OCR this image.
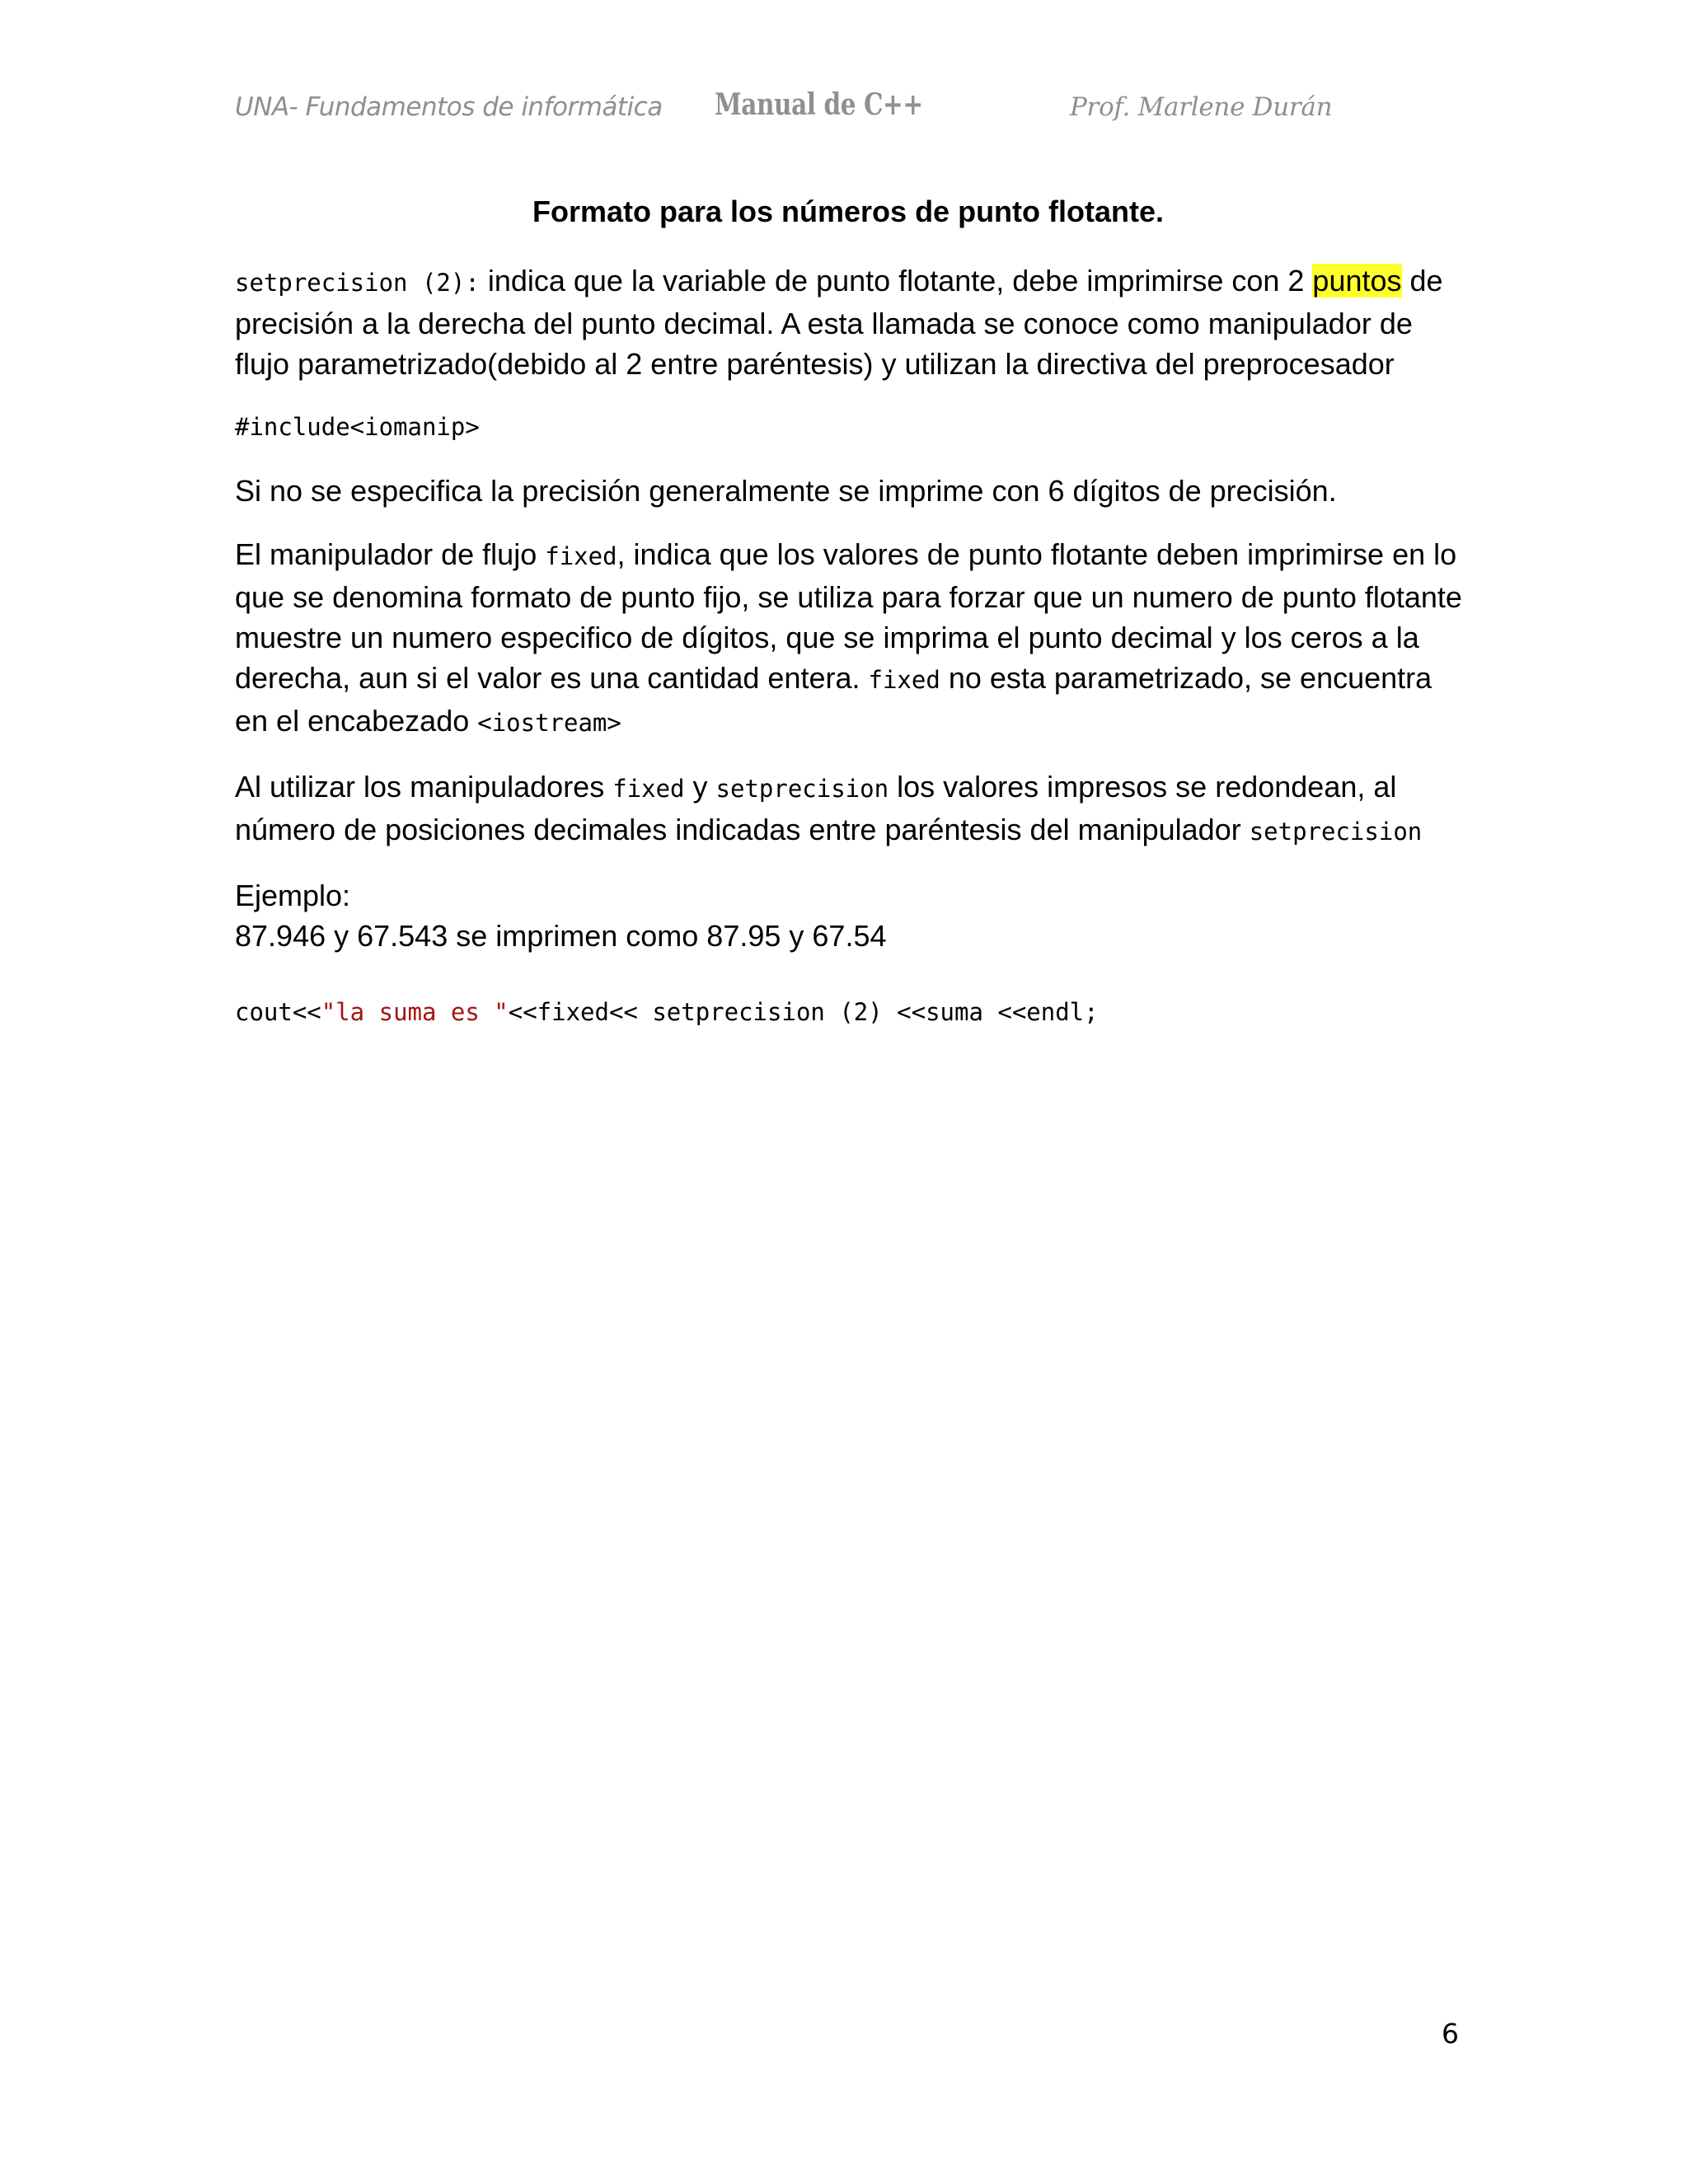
UNA- Fundamentos de informática Manual de C++	Prof. Marlene Durán
Formato para los números de punto flotante.

setprecision (2): indica que la variable de punto flotante, debe imprimirse con 2 puntos de precisión a la derecha del punto decimal. A esta llamada se conoce como manipulador de flujo parametrizado(debido al 2 entre paréntesis) y utilizan la directiva del preprocesador

#include<iomanip>

Si no se especifica la precisión generalmente se imprime con 6 dígitos de precisión.

El manipulador de flujo fixed, indica que los valores de punto flotante deben imprimirse en lo que se denomina formato de punto fijo, se utiliza para forzar que un numero de punto flotante muestre un numero especifico de dígitos, que se imprima el punto decimal y los ceros a la derecha, aun si el valor es una cantidad entera. fixed no esta parametrizado, se encuentra en el encabezado <iostream>

Al utilizar los manipuladores fixed y setprecision los valores impresos se redondean, al número de posiciones decimales indicadas entre paréntesis del manipulador setprecision

Ejemplo:

87.946 y 67.543 se imprimen como 87.95 y 67.54

cout<<"la suma es "<<fixed<< setprecision (2) <<suma <<endl;
6
